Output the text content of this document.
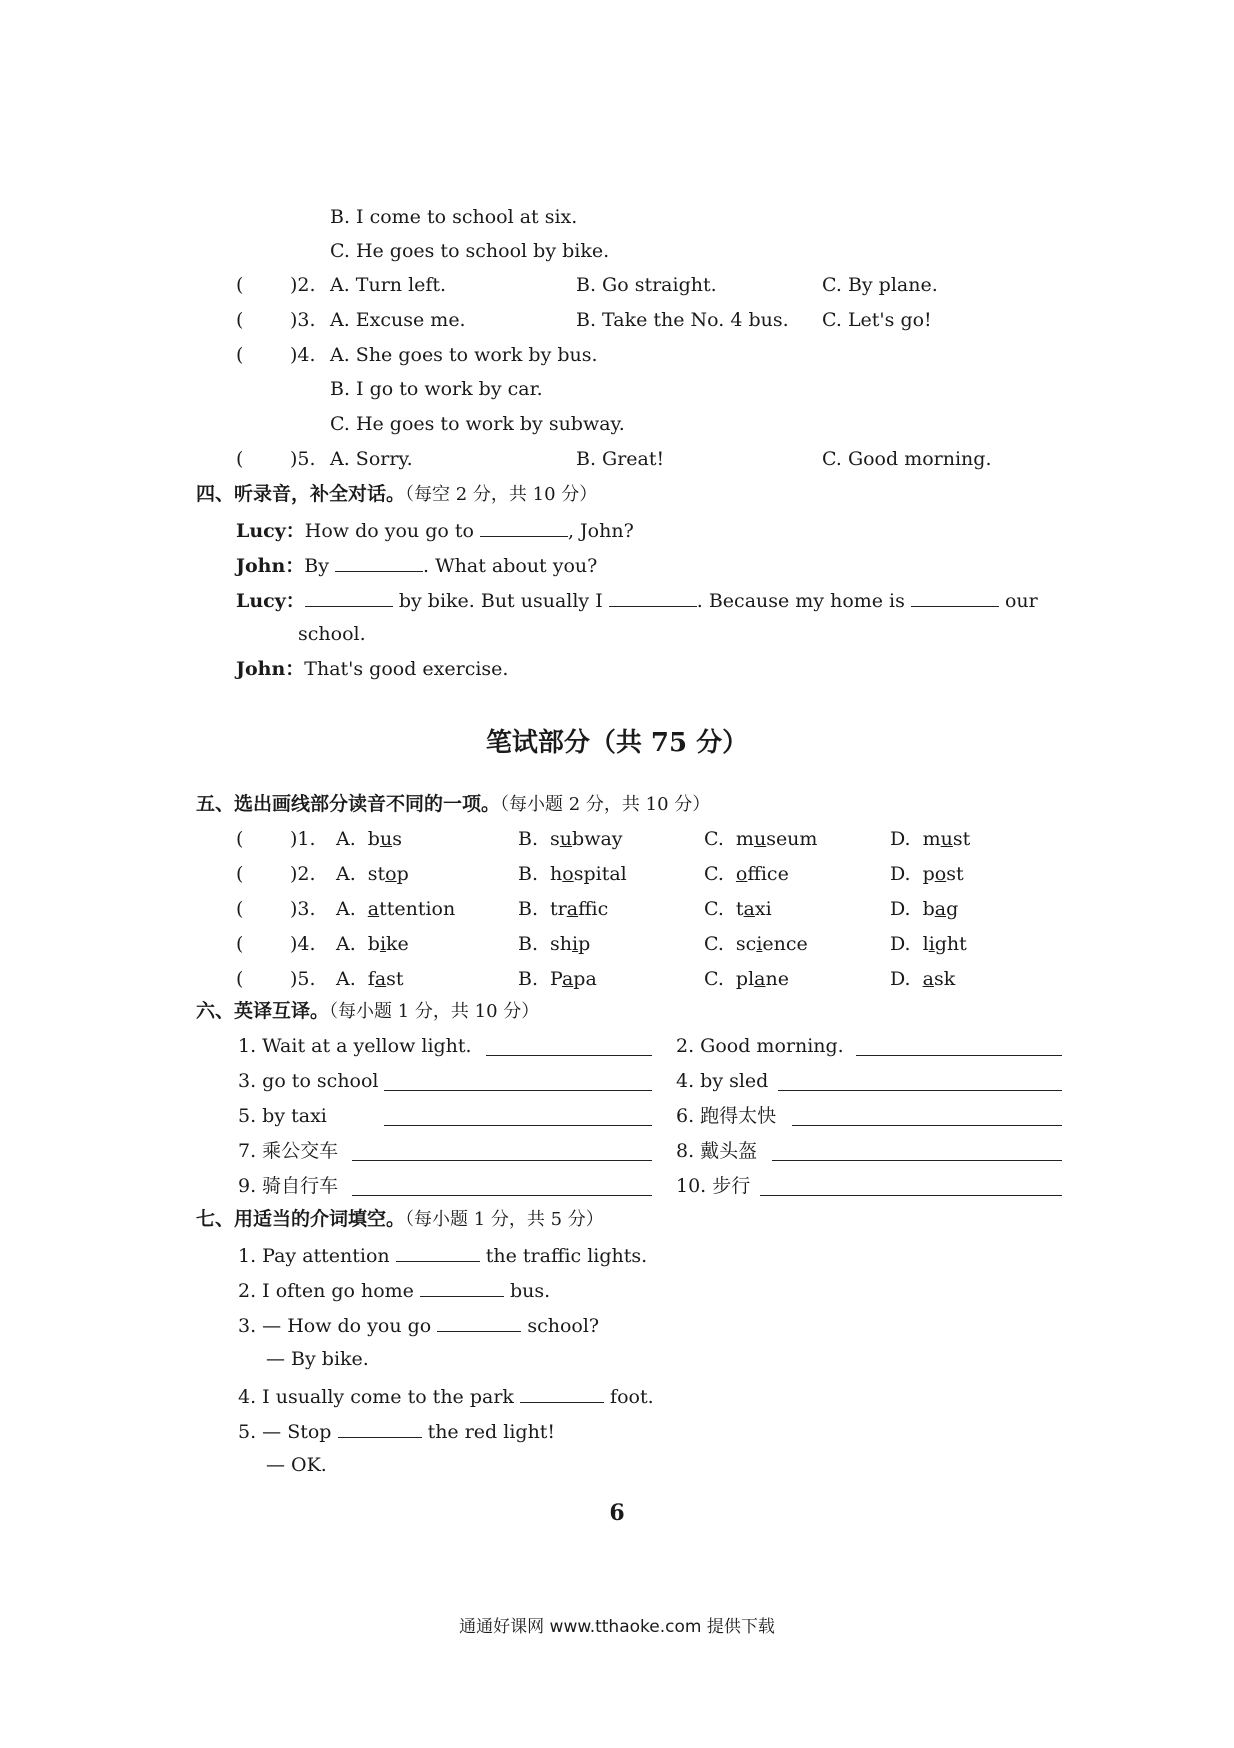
B. I come to school at six.
C. He goes to school by bike.
( )2. A. Turn left.	B. Go straight.	C. By plane.
( )3. A. Excuse me.	B. Take the No. 4 bus. C. Let's go!
( )4. A. She goes to work by bus.
B. I go to work by car.
C. He goes to work by subway.
( )5. A. Sorry.	B. Great!	C. Good morning.
四、听录音，补全对话。（每空 2 分，共 10 分）
Lucy：How do you go to	, John?
John：By	. What about you?
Lucy：	by bike. But usually I	. Because my home is	our
school.
John：That's good exercise.
笔试部分（共 75 分）
五、选出画线部分读音不同的一项。（每小题 2 分，共 10 分）
( )1. A. bus	B. subway	C. museum	D. must
( )2. A. stop	B. hospital	C. office	D. post
( )3. A. attention	B. traffic	C. taxi	D. bag
( )4. A. bike	B. ship	C. science	D. light
( )5. A. fast	B. Papa	C. plane	D. ask
六、英译互译。（每小题 1 分，共 10 分）
1. Wait at a yellow light.	2. Good morning.
3. go to school	4. by sled
5. by taxi	6. 跑得太快
7. 乘公交车	8. 戴头盔
9. 骑自行车	10. 步行
七、用适当的介词填空。（每小题 1 分，共 5 分）
1. Pay attention	the traffic lights.
2. I often go home	bus.
3. — How do you go	school?
— By bike.
4. I usually come to the park	foot.
5. — Stop	the red light!
— OK.
6
通通好课网 www.tthaoke.com 提供下载
